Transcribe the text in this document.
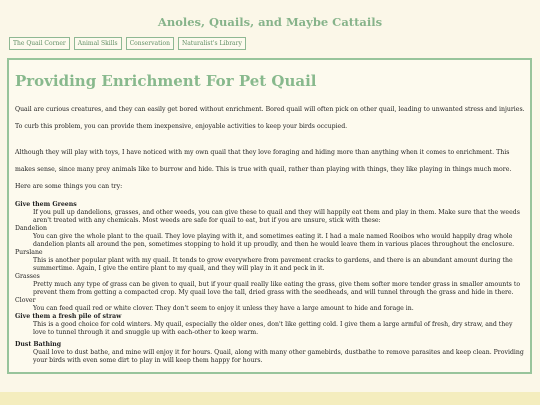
Anoles, Quails, and Maybe Cattails
The Quail Corner	Animal Skills	Conservation	Naturalist's Library
Providing Enrichment For Pet Quail

Quail are curious creatures, and they can easily get bored without enrichment. Bored quail will often pick on other quail, leading to unwanted stress and injuries. To curb this problem, you can provide them inexpensive, enjoyable activities to keep your birds occupied.

Although they will play with toys, I have noticed with my own quail that they love foraging and hiding more than anything when it comes to enrichment. This makes sense, since many prey animals like to burrow and hide. This is true with quail, rather than playing with things, they like playing in things much more. Here are some things you can try:

Give them Greens
If you pull up dandelions, grasses, and other weeds, you can give these to quail and they will happily eat them and play in them. Make sure that the weeds aren't treated with any chemicals. Most weeds are safe for quail to eat, but if you are unsure, stick with these:
Dandelion
You can give the whole plant to the quail. They love playing with it, and sometimes eating it. I had a male named Rooibos who would happily drag whole dandelion plants all around the pen, sometimes stopping to hold it up proudly, and then he would leave them in various places throughout the enclosure.
Purslane
This is another popular plant with my quail. It tends to grow everywhere from pavement cracks to gardens, and there is an abundant amount during the summertime. Again, I give the entire plant to my quail, and they will play in it and peck in it.
Grasses
Pretty much any type of grass can be given to quail, but if your quail really like eating the grass, give them softer more tender grass in smaller amounts to prevent them from getting a compacted crop. My quail love the tall, dried grass with the seedheads, and will tunnel through the grass and hide in there.
Clover
You can feed quail red or white clover. They don't seem to enjoy it unless they have a large amount to hide and forage in.
Give them a fresh pile of straw
This is a good choice for cold winters. My quail, especially the older ones, don't like getting cold. I give them a large armful of fresh, dry straw, and they love to tunnel through it and snuggle up with each-other to keep warm.
Dust Bathing
Quail love to dust bathe, and mine will enjoy it for hours. Quail, along with many other gamebirds, dustbathe to remove parasites and keep clean. Providing your birds with even some dirt to play in will keep them happy for hours.
